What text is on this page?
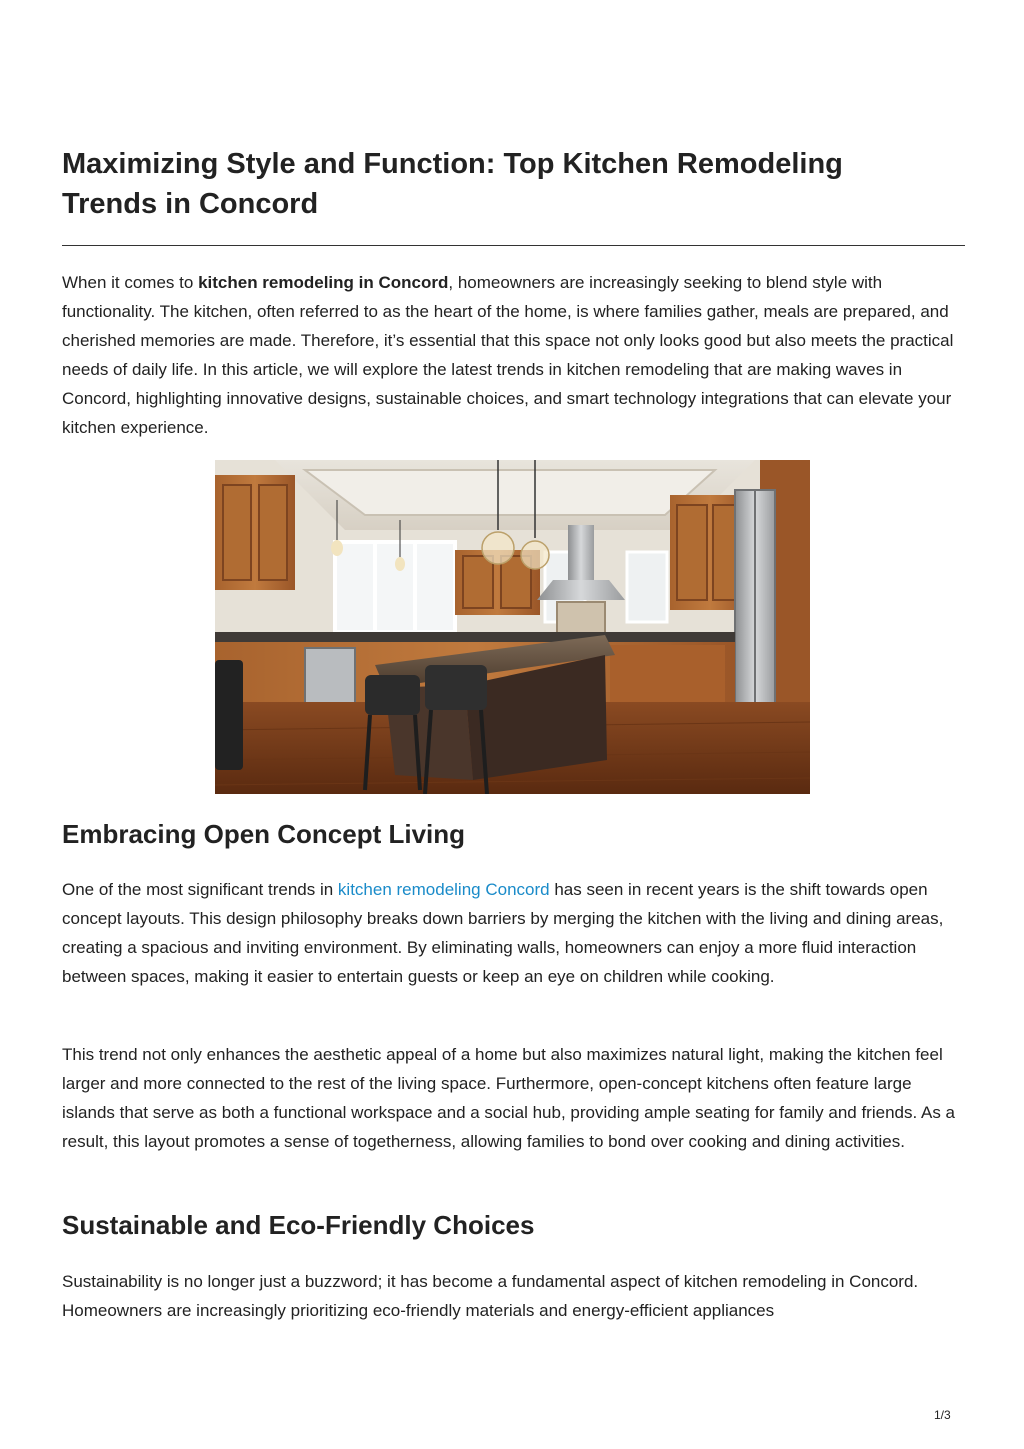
Maximizing Style and Function: Top Kitchen Remodeling Trends in Concord

When it comes to kitchen remodeling in Concord, homeowners are increasingly seeking to blend style with functionality. The kitchen, often referred to as the heart of the home, is where families gather, meals are prepared, and cherished memories are made. Therefore, it’s essential that this space not only looks good but also meets the practical needs of daily life. In this article, we will explore the latest trends in kitchen remodeling that are making waves in Concord, highlighting innovative designs, sustainable choices, and smart technology integrations that can elevate your kitchen experience.

Embracing Open Concept Living

One of the most significant trends in kitchen remodeling Concord has seen in recent years is the shift towards open concept layouts. This design philosophy breaks down barriers by merging the kitchen with the living and dining areas, creating a spacious and inviting environment. By eliminating walls, homeowners can enjoy a more fluid interaction between spaces, making it easier to entertain guests or keep an eye on children while cooking.

This trend not only enhances the aesthetic appeal of a home but also maximizes natural light, making the kitchen feel larger and more connected to the rest of the living space. Furthermore, open-concept kitchens often feature large islands that serve as both a functional workspace and a social hub, providing ample seating for family and friends. As a result, this layout promotes a sense of togetherness, allowing families to bond over cooking and dining activities.

Sustainable and Eco-Friendly Choices

Sustainability is no longer just a buzzword; it has become a fundamental aspect of kitchen remodeling in Concord. Homeowners are increasingly prioritizing eco-friendly materials and energy-efficient appliances

1/3
